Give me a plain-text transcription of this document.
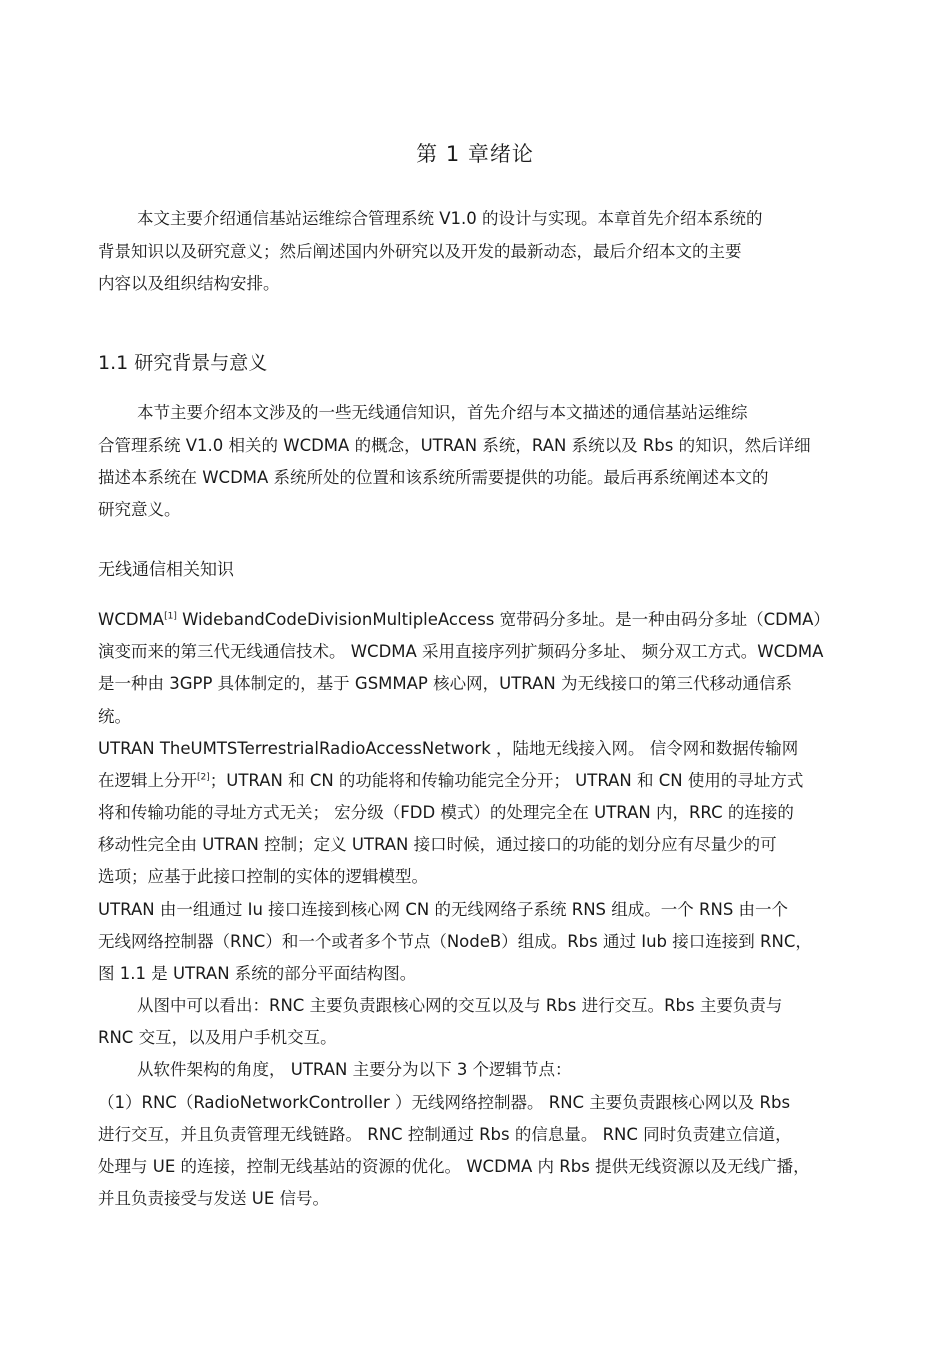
第 1 章绪论
本文主要介绍通信基站运维综合管理系统 V1.0 的设计与实现。本章首先介绍本系统的
背景知识以及研究意义；然后阐述国内外研究以及开发的最新动态，最后介绍本文的主要
内容以及组织结构安排。
1.1 研究背景与意义
本节主要介绍本文涉及的一些无线通信知识，首先介绍与本文描述的通信基站运维综
合管理系统 V1.0 相关的 WCDMA 的概念，UTRAN 系统，RAN 系统以及 Rbs 的知识，然后详细
描述本系统在 WCDMA 系统所处的位置和该系统所需要提供的功能。最后再系统阐述本文的
研究意义。
无线通信相关知识
WCDMA[1] WidebandCodeDivisionMultipleAccess 宽带码分多址。是一种由码分多址（CDMA）
演变而来的第三代无线通信技术。 WCDMA 采用直接序列扩频码分多址、 频分双工方式。WCDMA
是一种由 3GPP 具体制定的，基于 GSMMAP 核心网，UTRAN 为无线接口的第三代移动通信系
统。
UTRAN TheUMTSTerrestrialRadioAccessNetwork ，陆地无线接入网。 信令网和数据传输网
在逻辑上分开[2]；UTRAN 和 CN 的功能将和传输功能完全分开； UTRAN 和 CN 使用的寻址方式
将和传输功能的寻址方式无关； 宏分级（FDD 模式）的处理完全在 UTRAN 内，RRC 的连接的
移动性完全由 UTRAN 控制；定义 UTRAN 接口时候，通过接口的功能的划分应有尽量少的可
选项；应基于此接口控制的实体的逻辑模型。
UTRAN 由一组通过 Iu 接口连接到核心网 CN 的无线网络子系统 RNS 组成。一个 RNS 由一个
无线网络控制器（RNC）和一个或者多个节点（NodeB）组成。Rbs 通过 Iub 接口连接到 RNC，
图 1.1 是 UTRAN 系统的部分平面结构图。
从图中可以看出：RNC 主要负责跟核心网的交互以及与 Rbs 进行交互。Rbs 主要负责与
RNC 交互，以及用户手机交互。
从软件架构的角度， UTRAN 主要分为以下 3 个逻辑节点：
（1）RNC（RadioNetworkController ）无线网络控制器。 RNC 主要负责跟核心网以及 Rbs
进行交互，并且负责管理无线链路。 RNC 控制通过 Rbs 的信息量。 RNC 同时负责建立信道，
处理与 UE 的连接，控制无线基站的资源的优化。 WCDMA 内 Rbs 提供无线资源以及无线广播，
并且负责接受与发送 UE 信号。
